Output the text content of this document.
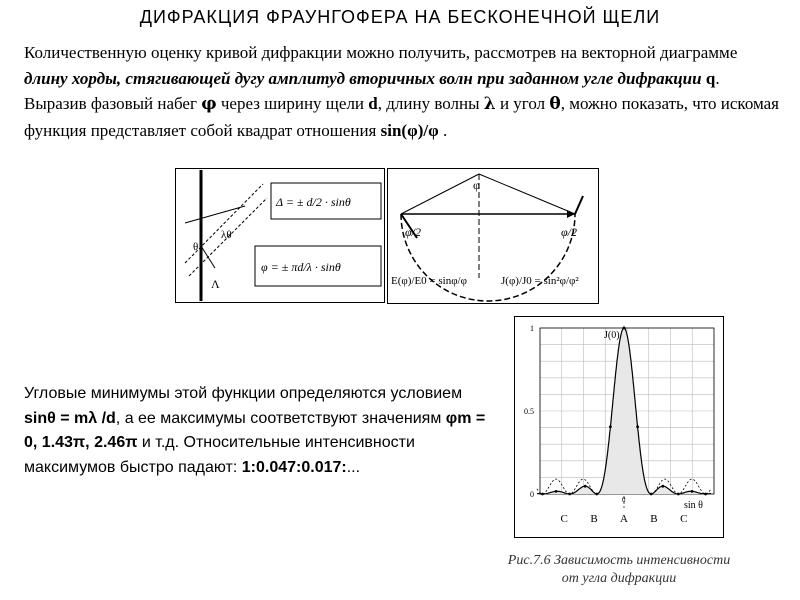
ДИФРАКЦИЯ ФРАУНГОФЕРА НА БЕСКОНЕЧНОЙ ЩЕЛИ
Количественную оценку кривой дифракции можно получить, рассмотрев на векторной диаграмме длину хорды, стягивающей дугу амплитуд вторичных волн при заданном угле дифракции q. Выразив фазовый набег φ через ширину щели d, длину волны λ и угол θ, можно показать, что искомая функция представляет собой квадрат отношения sin(φ)/φ .
θ
λθ
Λ
Δ = ± d/2 · sinθ
φ = ± πd/λ · sinθ
φ
φ/2	φ/2
E(φ)/E0 = sinφ/φ	J(φ)/J0 = sin²φ/φ²
Угловые минимумы этой функции определяются условием sinθ = mλ /d, а ее максимумы соответствуют значениям φm = 0, 1.43π, 2.46π и т.д. Относительные интенсивности максимумов быстро падают: 1:0.047:0.017:...
0
0.5
1
J(0)
0	sin θ
C B A B C
Рис.7.6 Зависимость интенсивности
от угла дифракции
